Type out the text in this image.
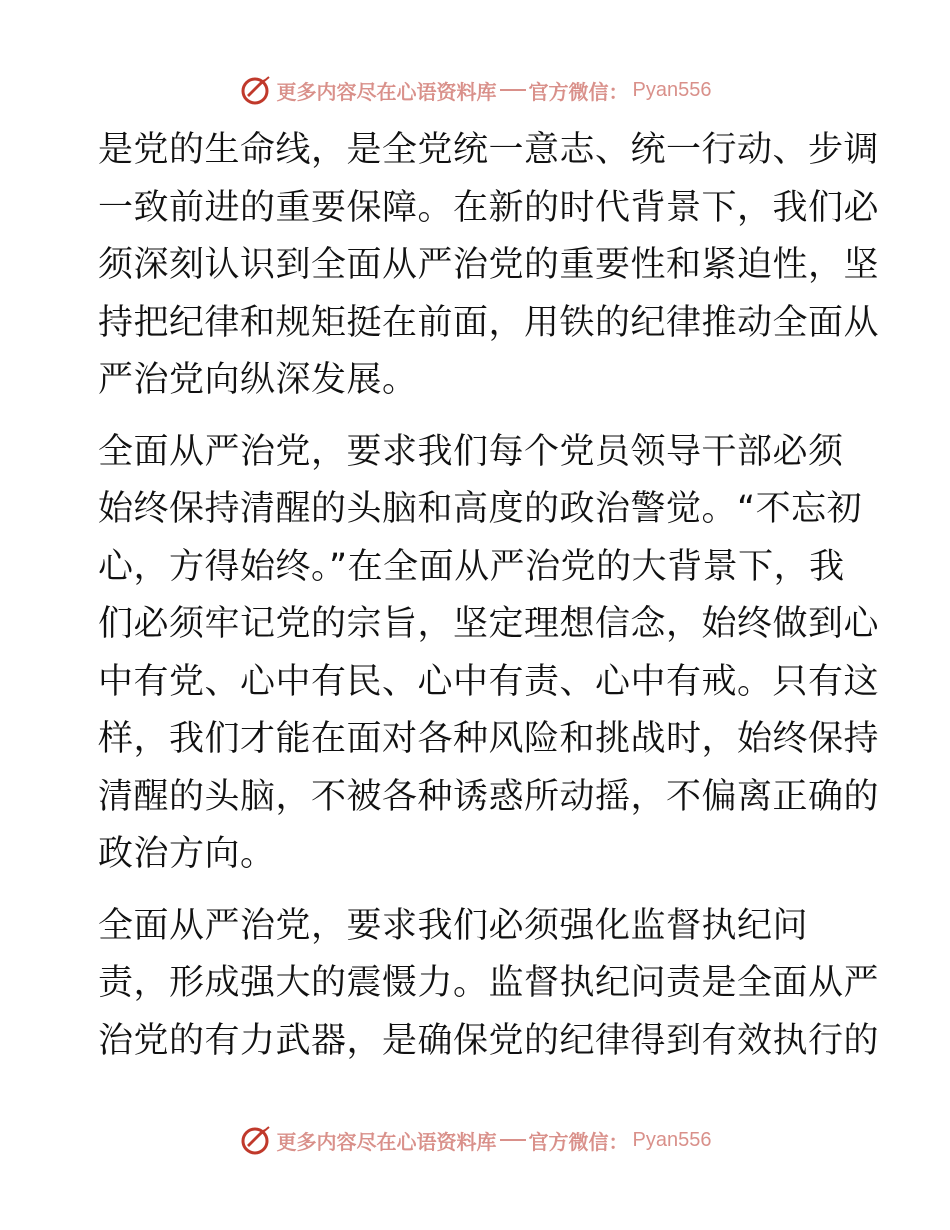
更多内容尽在心语资料库 官方微信： Pyan556
是党的生命线，是全党统一意志、统一行动、步调
一致前进的重要保障。在新的时代背景下，我们必
须深刻认识到全面从严治党的重要性和紧迫性，坚
持把纪律和规矩挺在前面，用铁的纪律推动全面从
严治党向纵深发展。
全面从严治党，要求我们每个党员领导干部必须
始终保持清醒的头脑和高度的政治警觉。“不忘初
心，方得始终。”在全面从严治党的大背景下，我
们必须牢记党的宗旨，坚定理想信念，始终做到心
中有党、心中有民、心中有责、心中有戒。只有这
样，我们才能在面对各种风险和挑战时，始终保持
清醒的头脑，不被各种诱惑所动摇，不偏离正确的
政治方向。
全面从严治党，要求我们必须强化监督执纪问
责，形成强大的震慑力。监督执纪问责是全面从严
治党的有力武器，是确保党的纪律得到有效执行的
更多内容尽在心语资料库 官方微信： Pyan556
